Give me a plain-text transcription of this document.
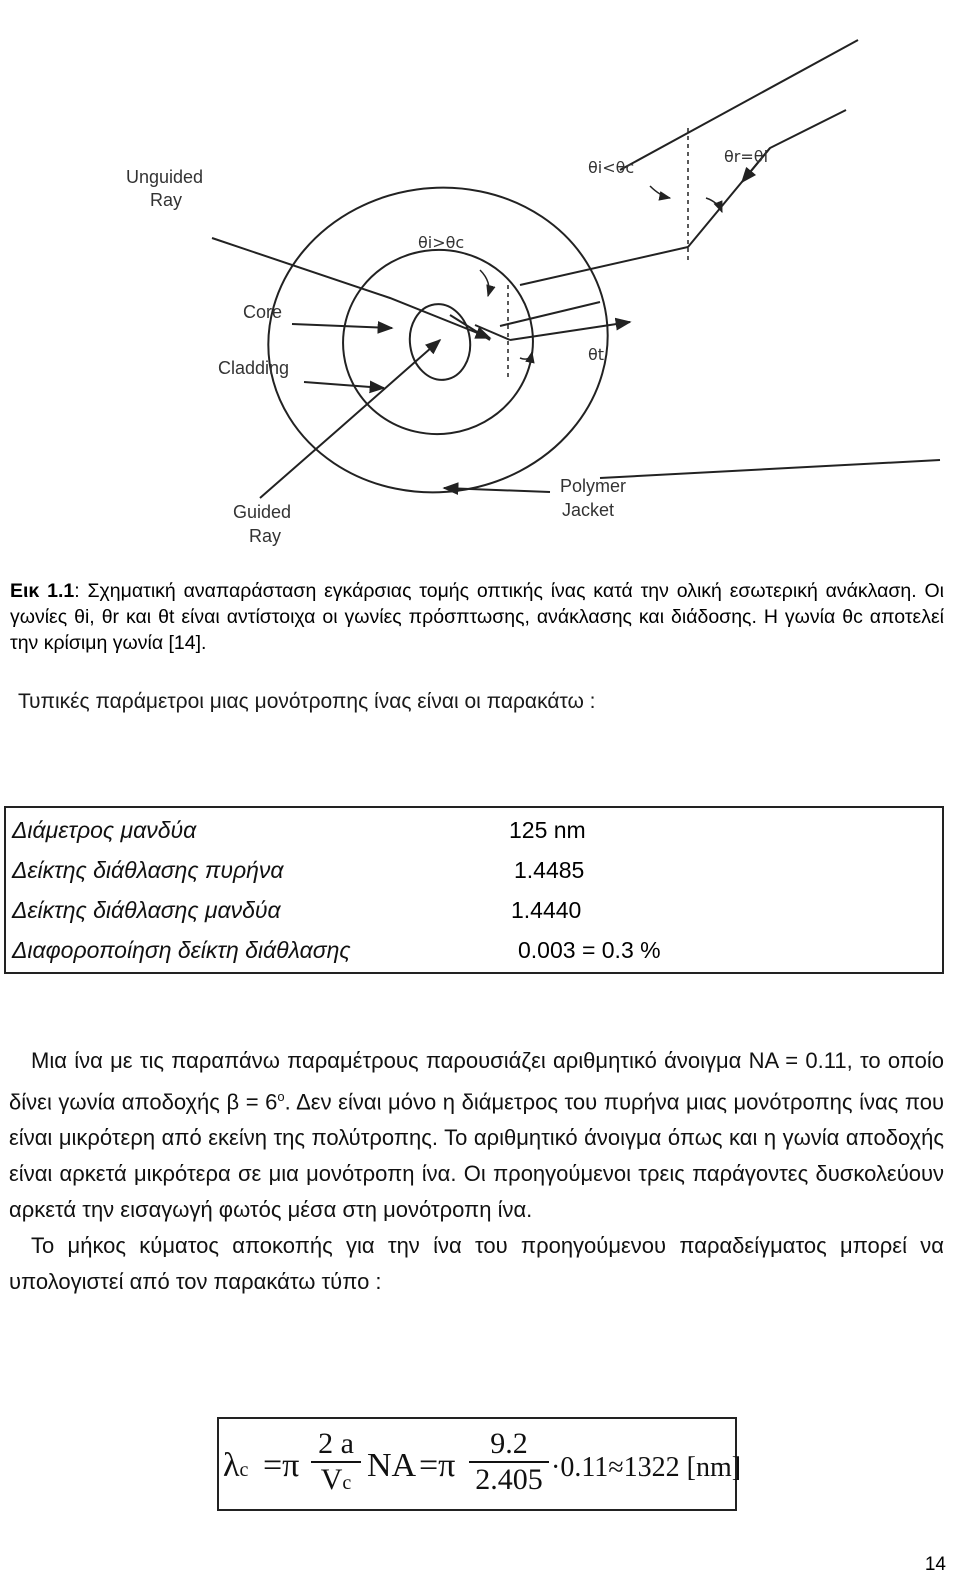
Unguided
Ray
Core
Cladding
Guided
Ray
Polymer
Jacket
θi>θc
θi<θc
θr=θi
θt
Εικ 1.1: Σχηματική αναπαράσταση εγκάρσιας τομής οπτικής ίνας κατά την ολική εσωτερική ανάκλαση. Οι γωνίες θi, θr και θt είναι αντίστοιχα οι γωνίες πρόσπτωσης, ανάκλασης και διάδοσης. Η γωνία θc αποτελεί την κρίσιμη γωνία [14].
Τυπικές παράμετροι μιας μονότροπης ίνας είναι οι παρακάτω :
Διάμετρος μανδύα	125 nm
Δείκτης διάθλασης πυρήνα	1.4485
Δείκτης διάθλασης μανδύα	1.4440
Διαφοροποίηση δείκτη διάθλασης	0.003 = 0.3 %

Μια ίνα με τις παραπάνω παραμέτρους παρουσιάζει αριθμητικό άνοιγμα ΝΑ = 0.11, το οποίο δίνει γωνία αποδοχής $\beta = 6^o$. Δεν είναι μόνο η διάμετρος του πυρήνα μιας μονότροπης ίνας που είναι μικρότερη από εκείνη της πολύτροπης. Το αριθμητικό άνοιγμα όπως και η γωνία αποδοχής είναι αρκετά μικρότερα σε μια μονότροπη ίνα. Οι προηγούμενοι τρεις παράγοντες δυσκολεύουν αρκετά την εισαγωγή φωτός μέσα στη μονότροπη ίνα.

Το μήκος κύματος αποκοπής για την ίνα του προηγούμενου παραδείγματος μπορεί να υπολογιστεί από τον παρακάτω τύπο :

λc =π
2 a
Vc NA =π
9.2
2.405 ·0.11≈1322 [nm]
14
